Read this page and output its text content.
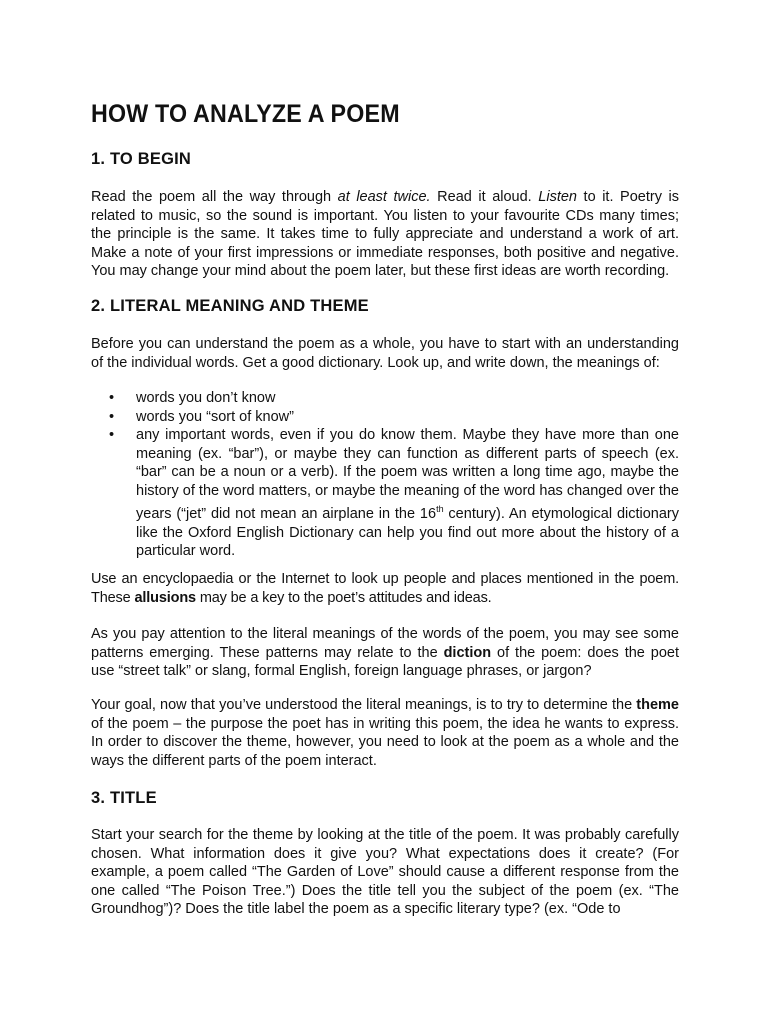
HOW TO ANALYZE A POEM
1. TO BEGIN

Read the poem all the way through at least twice. Read it aloud. Listen to it. Poetry is related to music, so the sound is important. You listen to your favourite CDs many times; the principle is the same. It takes time to fully appreciate and understand a work of art. Make a note of your first impressions or immediate responses, both positive and negative. You may change your mind about the poem later, but these first ideas are worth recording.

2. LITERAL MEANING AND THEME

Before you can understand the poem as a whole, you have to start with an understanding of the individual words. Get a good dictionary. Look up, and write down, the meanings of:

• words you don’t know
• words you “sort of know”
• any important words, even if you do know them. Maybe they have more than one meaning (ex. “bar”), or maybe they can function as different parts of speech (ex. “bar” can be a noun or a verb). If the poem was written a long time ago, maybe the history of the word matters, or maybe the meaning of the word has changed over the years (“jet” did not mean an airplane in the 16th century). An etymological dictionary like the Oxford English Dictionary can help you find out more about the history of a particular word.

Use an encyclopaedia or the Internet to look up people and places mentioned in the poem. These allusions may be a key to the poet’s attitudes and ideas.

As you pay attention to the literal meanings of the words of the poem, you may see some patterns emerging. These patterns may relate to the diction of the poem: does the poet use “street talk” or slang, formal English, foreign language phrases, or jargon?

Your goal, now that you’ve understood the literal meanings, is to try to determine the theme of the poem – the purpose the poet has in writing this poem, the idea he wants to express. In order to discover the theme, however, you need to look at the poem as a whole and the ways the different parts of the poem interact.

3. TITLE

Start your search for the theme by looking at the title of the poem. It was probably carefully chosen. What information does it give you? What expectations does it create? (For example, a poem called “The Garden of Love” should cause a different response from the one called “The Poison Tree.”) Does the title tell you the subject of the poem (ex. “The Groundhog”)? Does the title label the poem as a specific literary type? (ex. “Ode to
